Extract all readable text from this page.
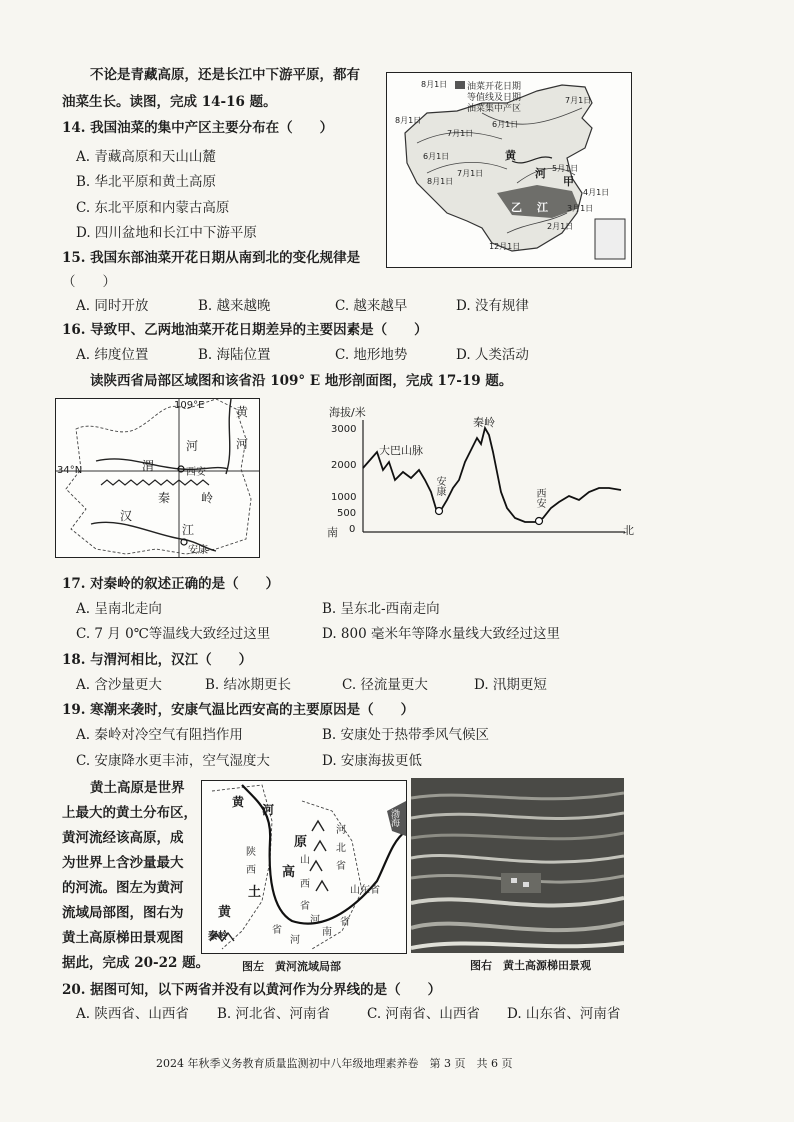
不论是青藏高原，还是长江中下游平原，都有
油菜生长。读图，完成 14-16 题。
油菜开花日期
等值线及日期
油菜集中产区
8月1日
8月1日
7月1日
6月1日
6月1日
7月1日
7月1日
8月1日
5月1日
4月1日
3月1日
2月1日
12月1日
黄
河
甲
乙 江
14. 我国油菜的集中产区主要分布在（　　）
A. 青藏高原和天山山麓
B. 华北平原和黄土高原
C. 东北平原和内蒙古高原
D. 四川盆地和长江中下游平原
15. 我国东部油菜开花日期从南到北的变化规律是
（　　）
A. 同时开放	B. 越来越晚	C. 越来越早	D. 没有规律
16. 导致甲、乙两地油菜开花日期差异的主要因素是（　　）
A. 纬度位置	B. 海陆位置	C. 地形地势	D. 人类活动
读陕西省局部区域图和该省沿 109° E 地形剖面图，完成 17-19 题。
109°E
34°N
黄
河
河
渭	西安
秦	岭
汉
江
安康
海拔/米
3000
2000
1000
500
0
南	北
大巴山脉
秦岭
安康
西安
17. 对秦岭的叙述正确的是（　　）
A. 呈南北走向	B. 呈东北-西南走向
C. 7 月 0℃等温线大致经过这里	D. 800 毫米年等降水量线大致经过这里
18. 与渭河相比，汉江（　　）
A. 含沙量更大	B. 结冰期更长	C. 径流量更大	D. 汛期更短
19. 寒潮来袭时，安康气温比西安高的主要原因是（　　）
A. 秦岭对冷空气有阻挡作用	B. 安康处于热带季风气候区
C. 安康降水更丰沛，空气湿度大	D. 安康海拔更低
黄土高原是世界
上最大的黄土分布区，
黄河流经该高原，成
为世界上含沙量最大
的河流。图左为黄河
流域局部图，图右为
黄土高原梯田景观图
据此，完成 20-22 题。
黄
河
原
高
土
黄
山
西
省
陕
西
省
河
北
省
山东省
渤海
河
南
省
河
秦岭
图左　黄河流域局部	图右　黄土高源梯田景观
20. 据图可知，以下两省并没有以黄河作为分界线的是（　　）
A. 陕西省、山西省 B. 河北省、河南省	C. 河南省、山西省 D. 山东省、河南省
2024 年秋季义务教育质量监测初中八年级地理素养卷　第 3 页　共 6 页
